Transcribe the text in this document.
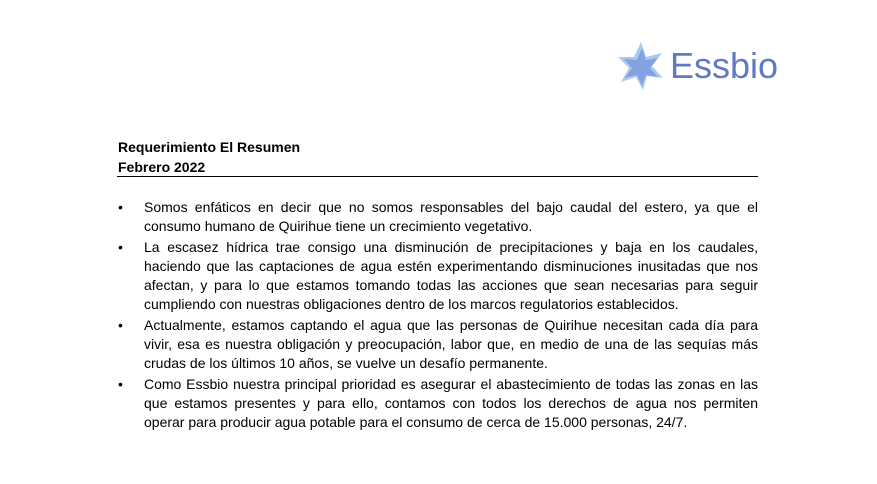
Essbio

Requerimiento El Resumen

Febrero 2022

•	Somos enfáticos en decir que no somos responsables del bajo caudal del estero, ya que el consumo humano de Quirihue tiene un crecimiento vegetativo.
•	La escasez hídrica trae consigo una disminución de precipitaciones y baja en los caudales, haciendo que las captaciones de agua estén experimentando disminuciones inusitadas que nos afectan, y para lo que estamos tomando todas las acciones que sean necesarias para seguir cumpliendo con nuestras obligaciones dentro de los marcos regulatorios establecidos.
•	Actualmente, estamos captando el agua que las personas de Quirihue necesitan cada día para vivir, esa es nuestra obligación y preocupación, labor que, en medio de una de las sequías más crudas de los últimos 10 años, se vuelve un desafío permanente.
•	Como Essbio nuestra principal prioridad es asegurar el abastecimiento de todas las zonas en las que estamos presentes y para ello, contamos con todos los derechos de agua nos permiten operar para producir agua potable para el consumo de cerca de 15.000 personas, 24/7.
